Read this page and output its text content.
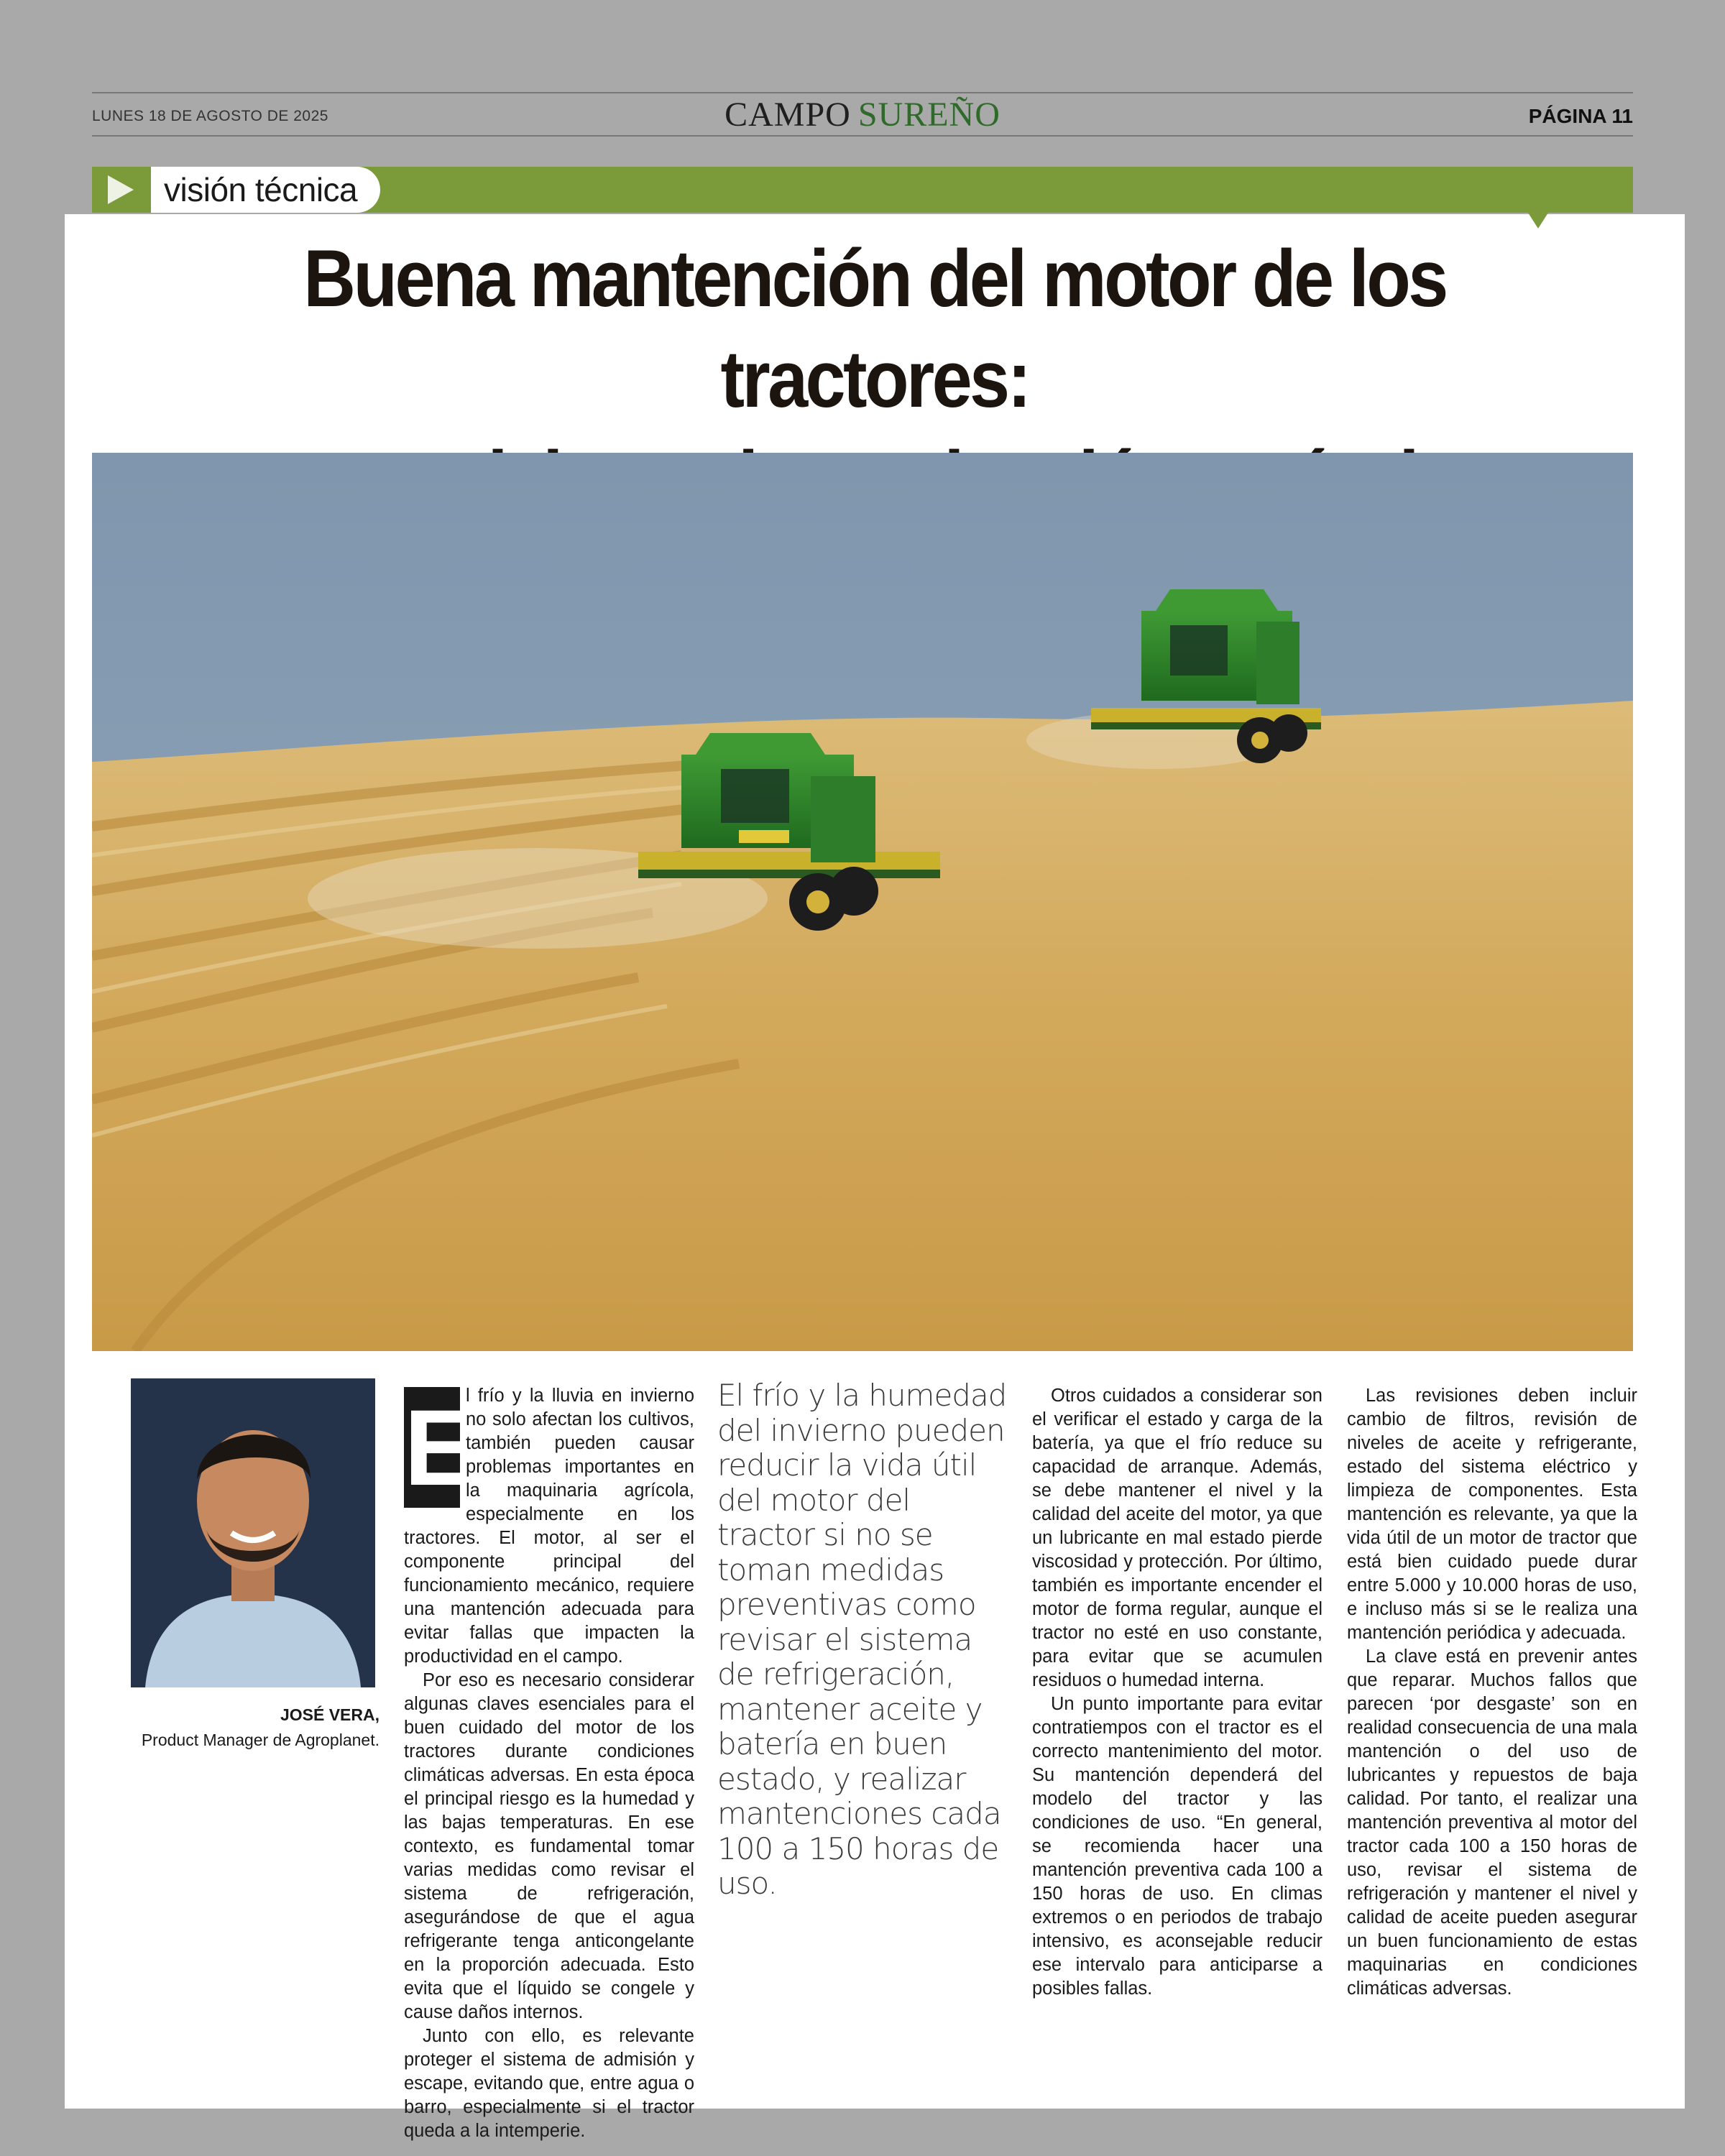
LUNES 18 DE AGOSTO DE 2025	CAMPO SUREÑO	PÁGINA 11
visión técnica
Buena mantención del motor de los tractores:
JOSÉ VERA,
Product Manager de Agroplanet.

E
l frío y la lluvia en invierno no solo afectan los cultivos, también pueden causar problemas importantes en la maquinaria agrícola, especialmente en los tractores. El motor, al ser el componente principal del funcionamiento mecánico, requiere una mantención adecuada para evitar fallas que impacten la productividad en el campo.

Por eso es necesario considerar algunas claves esenciales para el buen cuidado del motor de los tractores durante condiciones climáticas adversas. En esta época el principal riesgo es la humedad y las bajas temperaturas. En ese contexto, es fundamental tomar varias medidas como revisar el sistema de refrigeración, asegurándose de que el agua refrigerante tenga anticongelante en la proporción adecuada. Esto evita que el líquido se congele y cause daños internos.

Junto con ello, es relevante proteger el sistema de admisión y escape, evitando que, entre agua o barro, especialmente si el tractor queda a la intemperie.

El frío y la humedad del invierno pueden reducir la vida útil del motor del tractor si no se toman medidas preventivas como revisar el sistema de refrigeración, mantener aceite y batería en buen estado, y realizar mantenciones cada 100 a 150 horas de uso.

Otros cuidados a considerar son el verificar el estado y carga de la batería, ya que el frío reduce su capacidad de arranque. Además, se debe mantener el nivel y la calidad del aceite del motor, ya que un lubricante en mal estado pierde viscosidad y protección. Por último, también es importante encender el motor de forma regular, aunque el tractor no esté en uso constante, para evitar que se acumulen residuos o humedad interna.

Un punto importante para evitar contratiempos con el tractor es el correcto mantenimiento del motor. Su mantención dependerá del modelo del tractor y las condiciones de uso. “En general, se recomienda hacer una mantención preventiva cada 100 a 150 horas de uso. En climas extremos o en periodos de trabajo intensivo, es aconsejable reducir ese intervalo para anticiparse a posibles fallas.

Las revisiones deben incluir cambio de filtros, revisión de niveles de aceite y refrigerante, estado del sistema eléctrico y limpieza de componentes. Esta mantención es relevante, ya que la vida útil de un motor de tractor que está bien cuidado puede durar entre 5.000 y 10.000 horas de uso, e incluso más si se le realiza una mantención periódica y adecuada.

La clave está en prevenir antes que reparar. Muchos fallos que parecen ‘por desgaste’ son en realidad consecuencia de una mala mantención o del uso de lubricantes y repuestos de baja calidad. Por tanto, el realizar una mantención preventiva al motor del tractor cada 100 a 150 horas de uso, revisar el sistema de refrigeración y mantener el nivel y calidad de aceite pueden asegurar un buen funcionamiento de estas maquinarias en condiciones climáticas adversas.
